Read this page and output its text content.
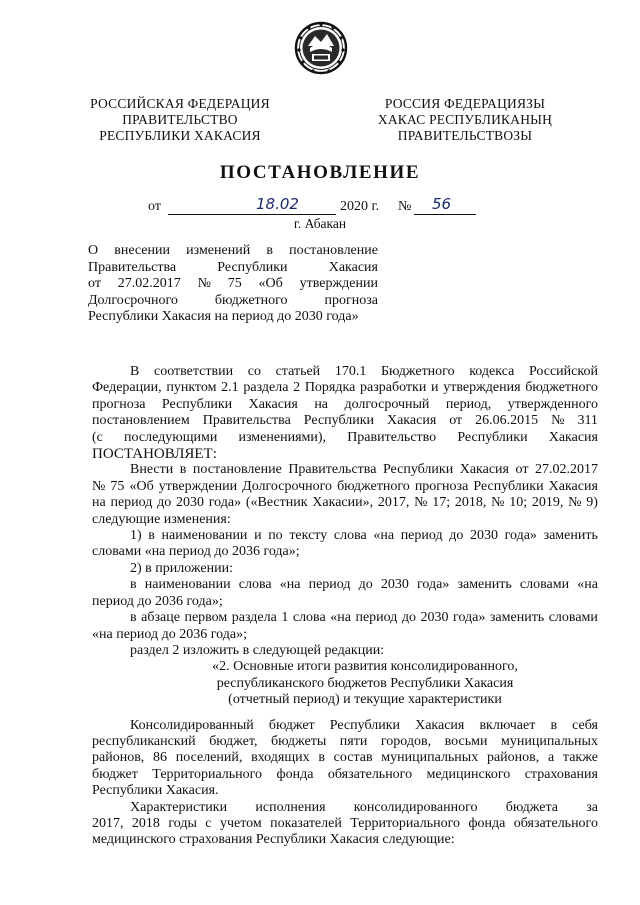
РОССИЙСКАЯ ФЕДЕРАЦИЯ
ПРАВИТЕЛЬСТВО
РЕСПУБЛИКИ ХАКАСИЯ
РОССИЯ ФЕДЕРАЦИЯЗЫ
ХАКАС РЕСПУБЛИКАНЫҢ
ПРАВИТЕЛЬСТВОЗЫ
ПОСТАНОВЛЕНИЕ
от	18.02	2020 г. № 56
г. Абакан
О внесении изменений в постановление
Правительства	Республики	Хакасия
от 27.02.2017 № 75 «Об утверждении
Долгосрочного	бюджетного	прогноза
Республики Хакасия на период до 2030 года»
В соответствии со статьей 170.1 Бюджетного кодекса Российской
Федерации, пунктом 2.1 раздела 2 Порядка разработки и утверждения бюджетного
прогноза Республики Хакасия на долгосрочный период, утвержденного
постановлением Правительства Республики Хакасия от 26.06.2015 № 311
(с последующими изменениями), Правительство Республики Хакасия
ПОСТАНОВЛЯЕТ:
Внести в постановление Правительства Республики Хакасия от 27.02.2017
№ 75 «Об утверждении Долгосрочного бюджетного прогноза Республики Хакасия
на период до 2030 года» («Вестник Хакасии», 2017, № 17; 2018, № 10; 2019, № 9)
следующие изменения:
1) в наименовании и по тексту слова «на период до 2030 года» заменить
словами «на период до 2036 года»;
2) в приложении:
в наименовании слова «на период до 2030 года» заменить словами «на
период до 2036 года»;
в абзаце первом раздела 1 слова «на период до 2030 года» заменить словами
«на период до 2036 года»;
раздел 2 изложить в следующей редакции:
«2. Основные итоги развития консолидированного,
республиканского бюджетов Республики Хакасия
(отчетный период) и текущие характеристики
Консолидированный бюджет Республики Хакасия включает в себя
республиканский бюджет, бюджеты пяти городов, восьми муниципальных
районов, 86 поселений, входящих в состав муниципальных районов, а также
бюджет Территориального фонда обязательного медицинского страхования
Республики Хакасия.
Характеристики исполнения консолидированного бюджета за
2017, 2018 годы с учетом показателей Территориального фонда обязательного
медицинского страхования Республики Хакасия следующие:
